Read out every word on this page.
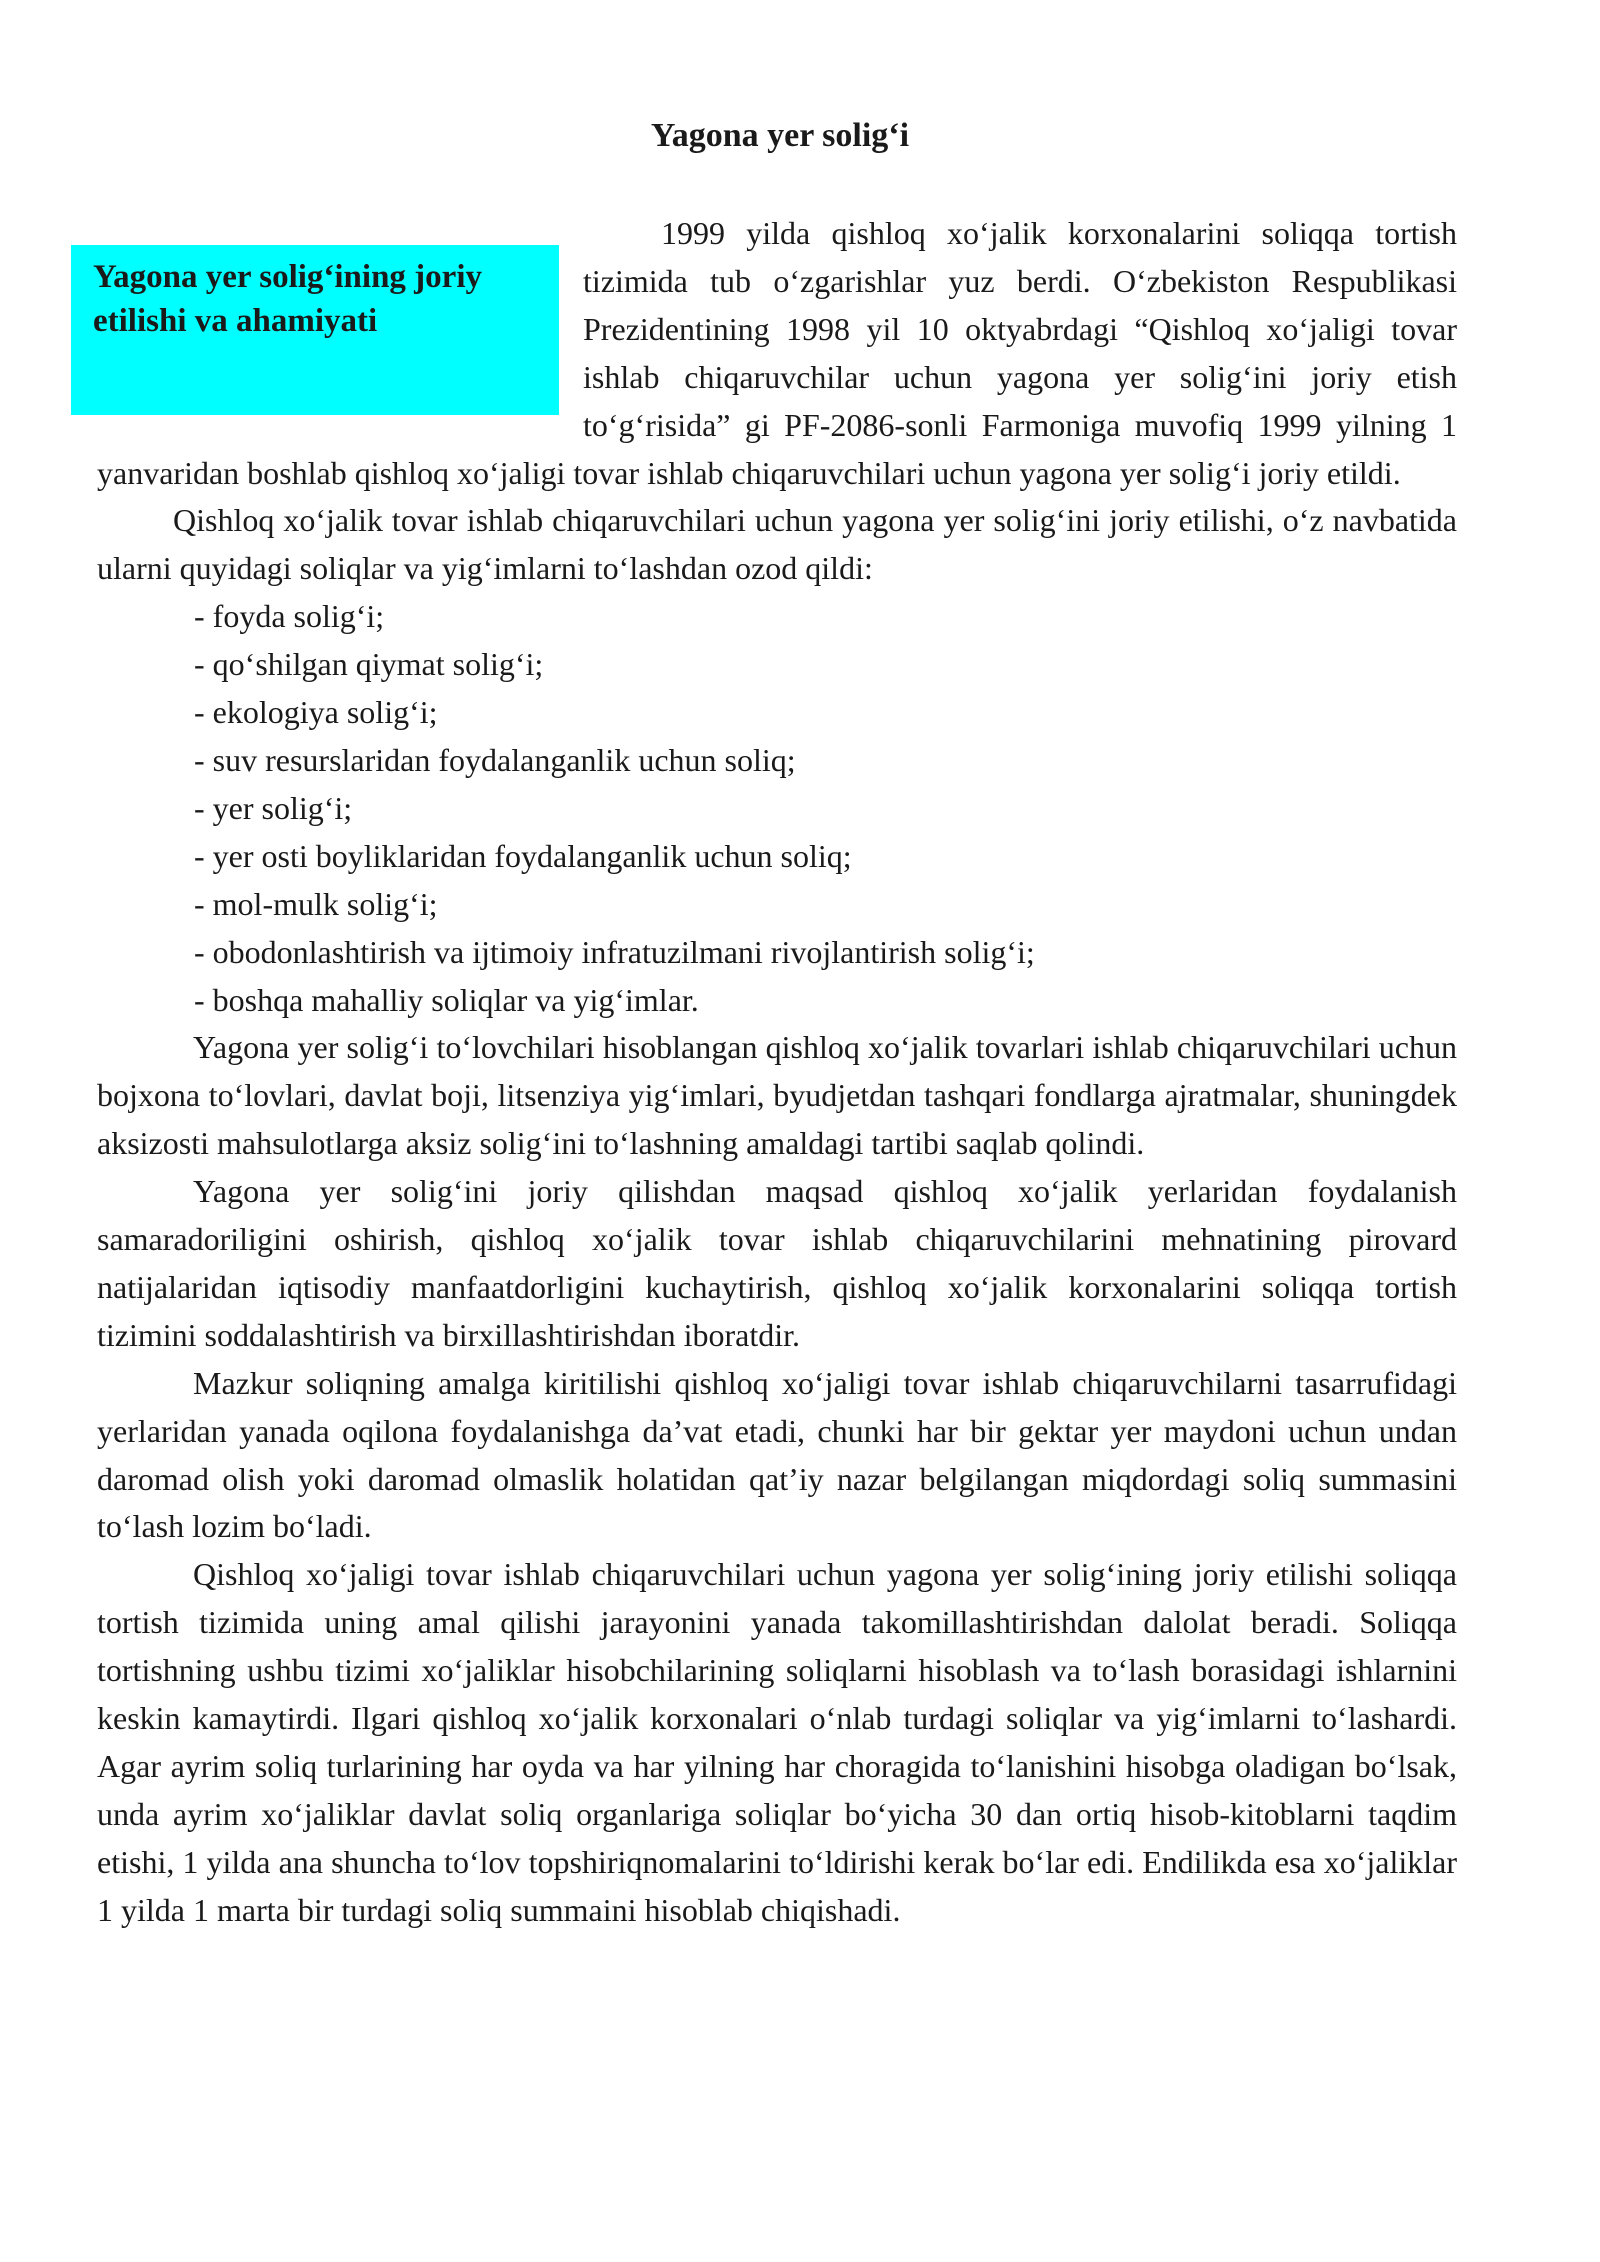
Yagona yer solig‘i
Yagona yer solig‘ining joriy etilishi va ahamiyati

1999 yilda qishloq xo‘jalik korxonalarini soliqqa tortish tizimida tub o‘zgarishlar yuz berdi. O‘zbekiston Respublikasi Prezidentining 1998 yil 10 oktyabrdagi “Qishloq xo‘jaligi tovar ishlab chiqaruvchilar uchun yagona yer solig‘ini joriy etish to‘g‘risida” gi PF-2086-sonli Farmoniga muvofiq 1999 yilning 1 yanvaridan boshlab qishloq xo‘jaligi tovar ishlab chiqaruvchilari uchun yagona yer solig‘i joriy etildi.

Qishloq xo‘jalik tovar ishlab chiqaruvchilari uchun yagona yer solig‘ini joriy etilishi, o‘z navbatida ularni quyidagi soliqlar va yig‘imlarni to‘lashdan ozod qildi:

- foyda solig‘i;
- qo‘shilgan qiymat solig‘i;
- ekologiya solig‘i;
- suv resurslaridan foydalanganlik uchun soliq;
- yer solig‘i;
- yer osti boyliklaridan foydalanganlik uchun soliq;
- mol-mulk solig‘i;
- obodonlashtirish va ijtimoiy infratuzilmani rivojlantirish solig‘i;
- boshqa mahalliy soliqlar va yig‘imlar.

Yagona yer solig‘i to‘lovchilari hisoblangan qishloq xo‘jalik tovarlari ishlab chiqaruvchilari uchun bojxona to‘lovlari, davlat boji, litsenziya yig‘imlari, byudjetdan tashqari fondlarga ajratmalar, shuningdek aksizosti mahsulotlarga aksiz solig‘ini to‘lashning amaldagi tartibi saqlab qolindi.

Yagona yer solig‘ini joriy qilishdan maqsad qishloq xo‘jalik yerlaridan foydalanish samaradoriligini oshirish, qishloq xo‘jalik tovar ishlab chiqaruvchilarini mehnatining pirovard natijalaridan iqtisodiy manfaatdorligini kuchaytirish, qishloq xo‘jalik korxonalarini soliqqa tortish tizimini soddalashtirish va birxillashtirishdan iboratdir.

Mazkur soliqning amalga kiritilishi qishloq xo‘jaligi tovar ishlab chiqaruvchilarni tasarrufidagi yerlaridan yanada oqilona foydalanishga da’vat etadi, chunki har bir gektar yer maydoni uchun undan daromad olish yoki daromad olmaslik holatidan qat’iy nazar belgilangan miqdordagi soliq summasini to‘lash lozim bo‘ladi.

Qishloq xo‘jaligi tovar ishlab chiqaruvchilari uchun yagona yer solig‘ining joriy etilishi soliqqa tortish tizimida uning amal qilishi jarayonini yanada takomillashtirishdan dalolat beradi. Soliqqa tortishning ushbu tizimi xo‘jaliklar hisobchilarining soliqlarni hisoblash va to‘lash borasidagi ishlarnini keskin kamaytirdi. Ilgari qishloq xo‘jalik korxonalari o‘nlab turdagi soliqlar va yig‘imlarni to‘lashardi. Agar ayrim soliq turlarining har oyda va har yilning har choragida to‘lanishini hisobga oladigan bo‘lsak, unda ayrim xo‘jaliklar davlat soliq organlariga soliqlar bo‘yicha 30 dan ortiq hisob-kitoblarni taqdim etishi, 1 yilda ana shuncha to‘lov topshiriqnomalarini to‘ldirishi kerak bo‘lar edi. Endilikda esa xo‘jaliklar 1 yilda 1 marta bir turdagi soliq summaini hisoblab chiqishadi.
